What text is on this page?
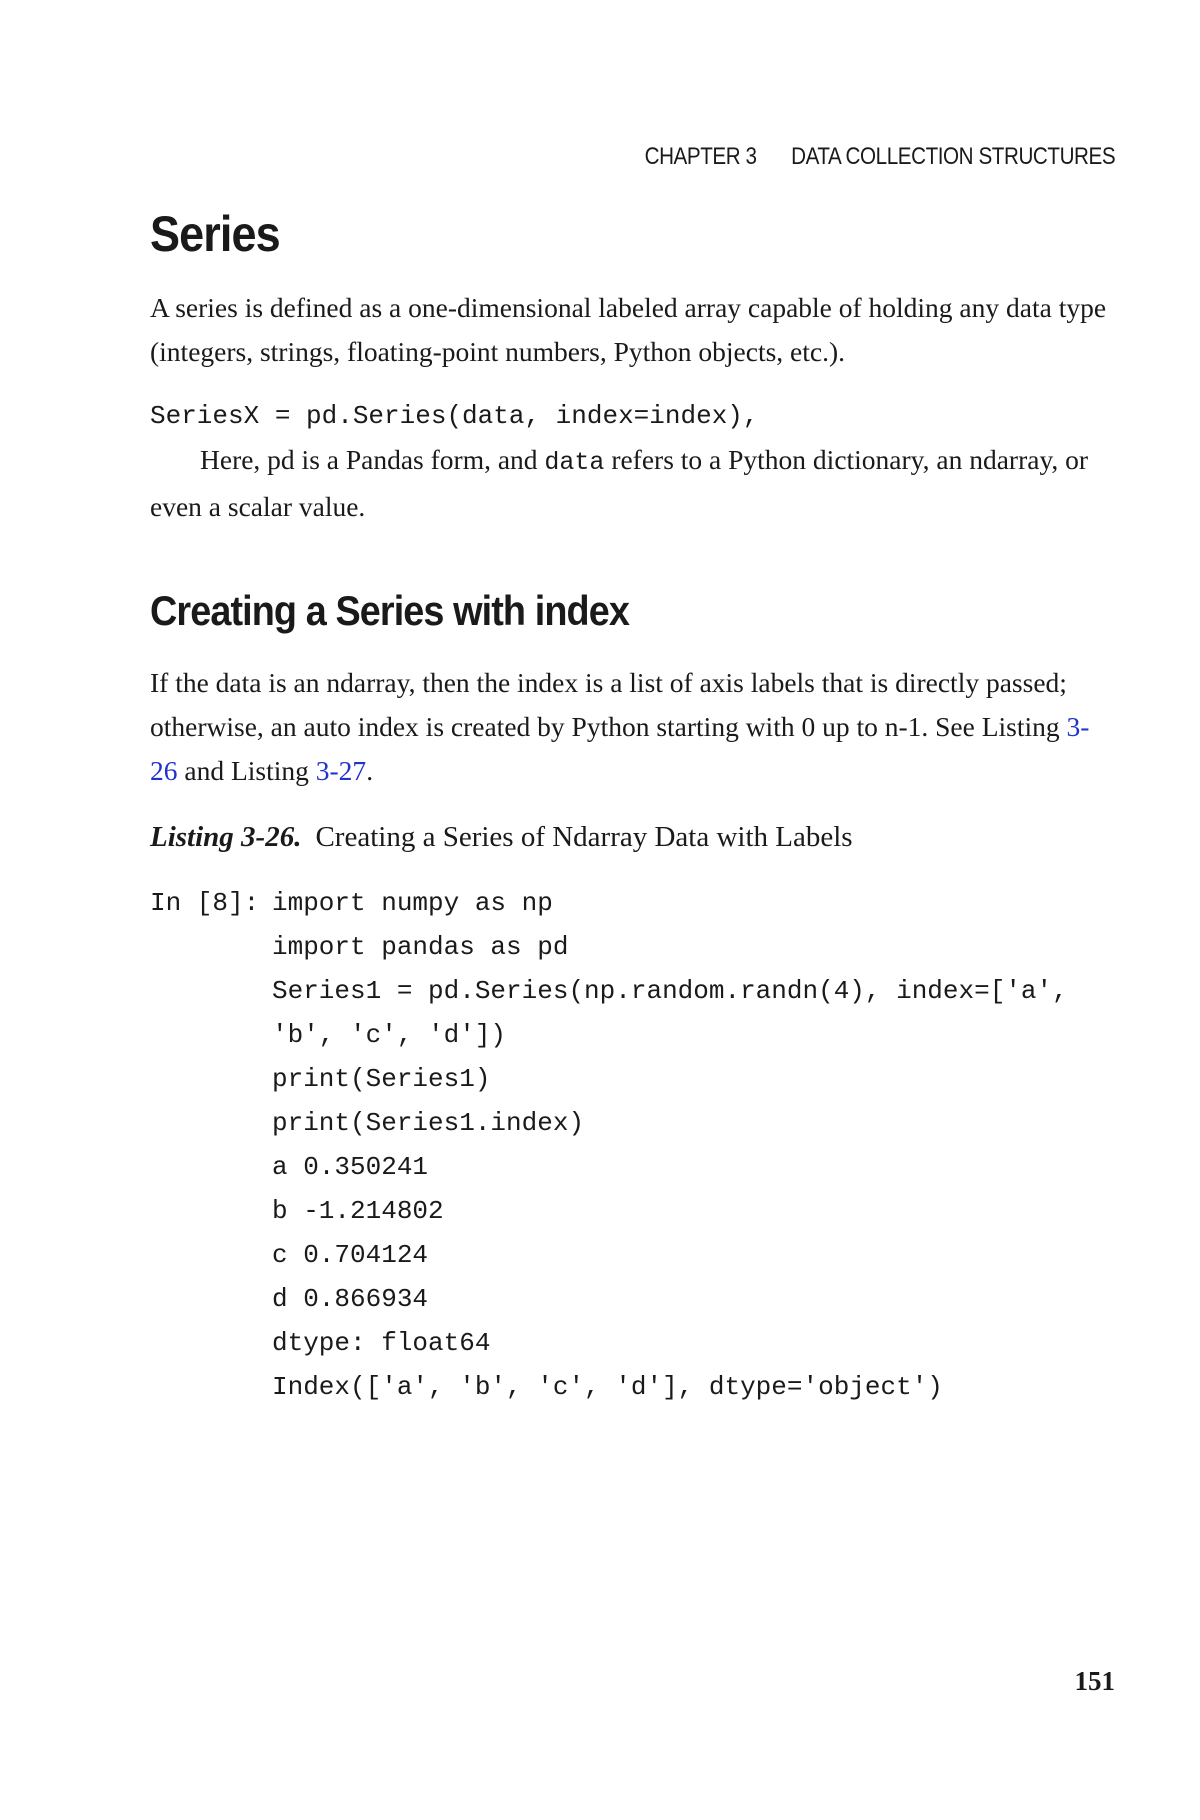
CHAPTER 3 DATA COLLECTION STRUCTURES
Series

A series is defined as a one-dimensional labeled array capable of holding any data type (integers, strings, floating-point numbers, Python objects, etc.).

SeriesX = pd.Series(data, index=index),

Here, pd is a Pandas form, and data refers to a Python dictionary, an ndarray, or even a scalar value.

Creating a Series with index

If the data is an ndarray, then the index is a list of axis labels that is directly passed; otherwise, an auto index is created by Python starting with 0 up to n-1. See Listing 3-26 and Listing 3-27.

Listing 3-26. Creating a Series of Ndarray Data with Labels
In [8]: import numpy as np
import pandas as pd
Series1 = pd.Series(np.random.randn(4), index=['a',
'b', 'c', 'd'])
print(Series1)
print(Series1.index)
a 0.350241
b -1.214802
c 0.704124
d 0.866934
dtype: float64
Index(['a', 'b', 'c', 'd'], dtype='object')
151
